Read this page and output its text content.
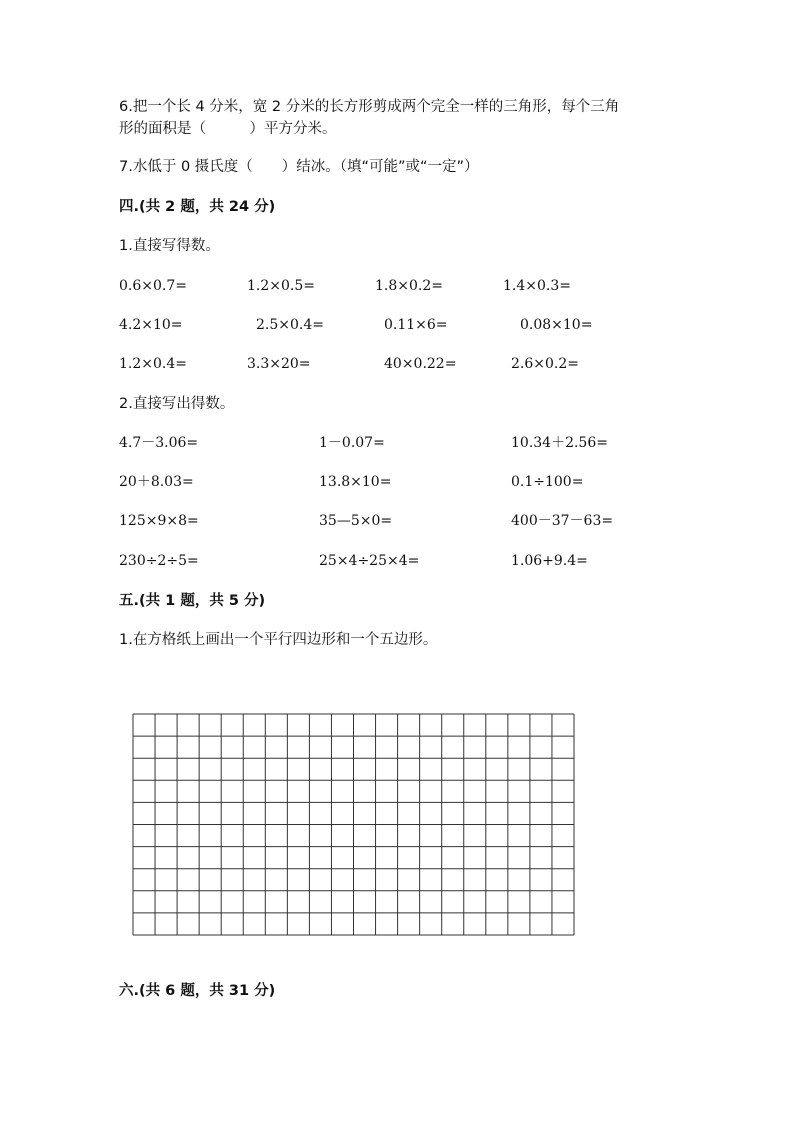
6.把一个长 4 分米，宽 2 分米的长方形剪成两个完全一样的三角形，每个三角
形的面积是（　　　）平方分米。
7.水低于 0 摄氏度（　　）结冰。（填“可能”或“一定”）
四.(共 2 题，共 24 分)
1.直接写得数。
0.6×0.7=	1.2×0.5=	1.8×0.2=	1.4×0.3=
4.2×10=	2.5×0.4=	0.11×6=	0.08×10=
1.2×0.4=	3.3×20=	40×0.22=	2.6×0.2=
2.直接写出得数。
4.7－3.06=	1－0.07=	10.34＋2.56=
20＋8.03=	13.8×10=	0.1÷100=
125×9×8=	35—5×0=	400－37－63=
230÷2÷5=	25×4÷25×4=	1.06+9.4=
五.(共 1 题，共 5 分)
1.在方格纸上画出一个平行四边形和一个五边形。
六.(共 6 题，共 31 分)
